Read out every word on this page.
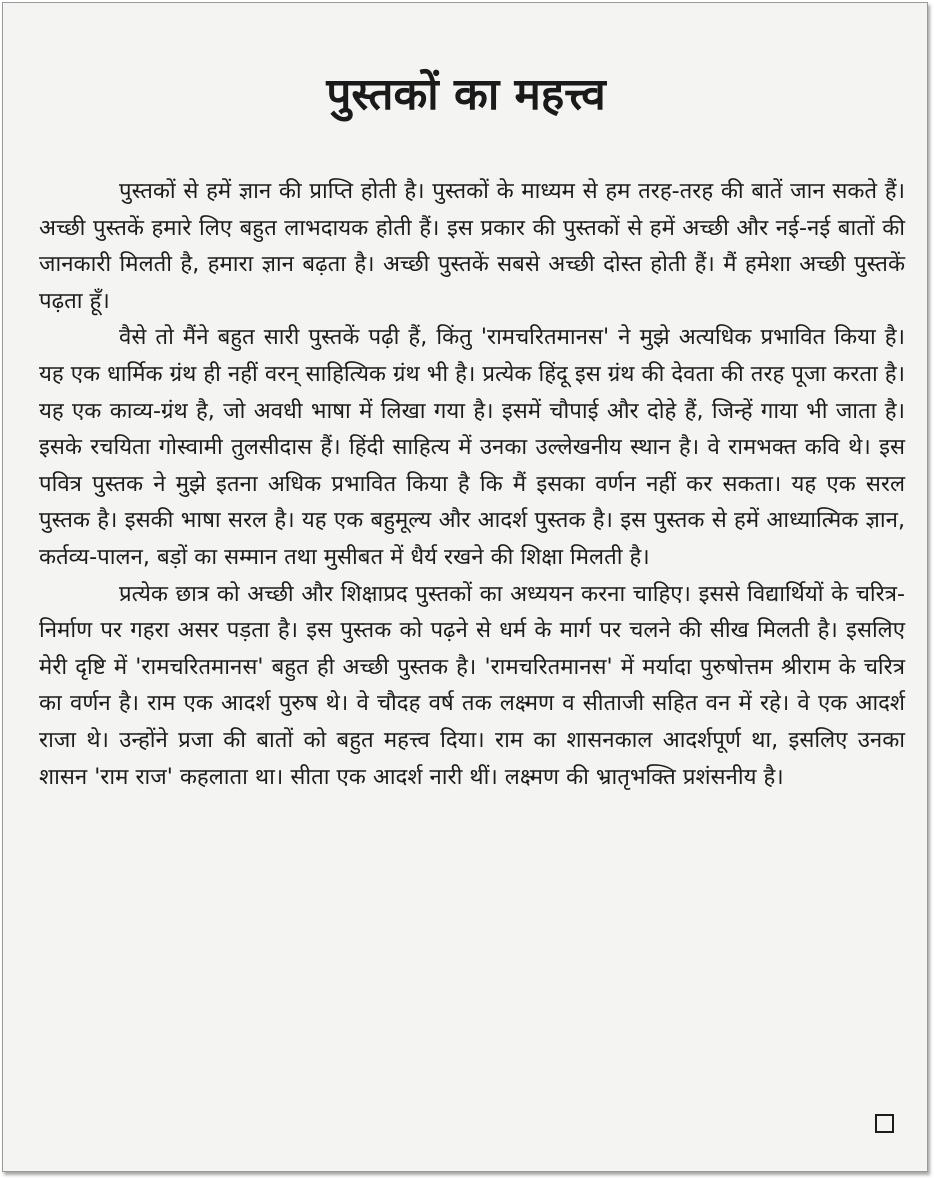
पुस्तकों का महत्त्व

पुस्तकों से हमें ज्ञान की प्राप्ति होती है। पुस्तकों के माध्यम से हम तरह-तरह की बातें जान सकते हैं। अच्छी पुस्तकें हमारे लिए बहुत लाभदायक होती हैं। इस प्रकार की पुस्तकों से हमें अच्छी और नई-नई बातों की जानकारी मिलती है, हमारा ज्ञान बढ़ता है। अच्छी पुस्तकें सबसे अच्छी दोस्त होती हैं। मैं हमेशा अच्छी पुस्तकें पढ़ता हूँ।

वैसे तो मैंने बहुत सारी पुस्तकें पढ़ी हैं, किंतु 'रामचरितमानस' ने मुझे अत्यधिक प्रभावित किया है। यह एक धार्मिक ग्रंथ ही नहीं वरन् साहित्यिक ग्रंथ भी है। प्रत्येक हिंदू इस ग्रंथ की देवता की तरह पूजा करता है। यह एक काव्य-ग्रंथ है, जो अवधी भाषा में लिखा गया है। इसमें चौपाई और दोहे हैं, जिन्हें गाया भी जाता है। इसके रचयिता गोस्वामी तुलसीदास हैं। हिंदी साहित्य में उनका उल्लेखनीय स्थान है। वे रामभक्त कवि थे। इस पवित्र पुस्तक ने मुझे इतना अधिक प्रभावित किया है कि मैं इसका वर्णन नहीं कर सकता। यह एक सरल पुस्तक है। इसकी भाषा सरल है। यह एक बहुमूल्य और आदर्श पुस्तक है। इस पुस्तक से हमें आध्यात्मिक ज्ञान, कर्तव्य-पालन, बड़ों का सम्मान तथा मुसीबत में धैर्य रखने की शिक्षा मिलती है।

प्रत्येक छात्र को अच्छी और शिक्षाप्रद पुस्तकों का अध्ययन करना चाहिए। इससे विद्यार्थियों के चरित्र-निर्माण पर गहरा असर पड़ता है। इस पुस्तक को पढ़ने से धर्म के मार्ग पर चलने की सीख मिलती है। इसलिए मेरी दृष्टि में 'रामचरितमानस' बहुत ही अच्छी पुस्तक है। 'रामचरितमानस' में मर्यादा पुरुषोत्तम श्रीराम के चरित्र का वर्णन है। राम एक आदर्श पुरुष थे। वे चौदह वर्ष तक लक्ष्मण व सीताजी सहित वन में रहे। वे एक आदर्श राजा थे। उन्होंने प्रजा की बातों को बहुत महत्त्व दिया। राम का शासनकाल आदर्शपूर्ण था, इसलिए उनका शासन 'राम राज' कहलाता था। सीता एक आदर्श नारी थीं। लक्ष्मण की भ्रातृभक्ति प्रशंसनीय है।
